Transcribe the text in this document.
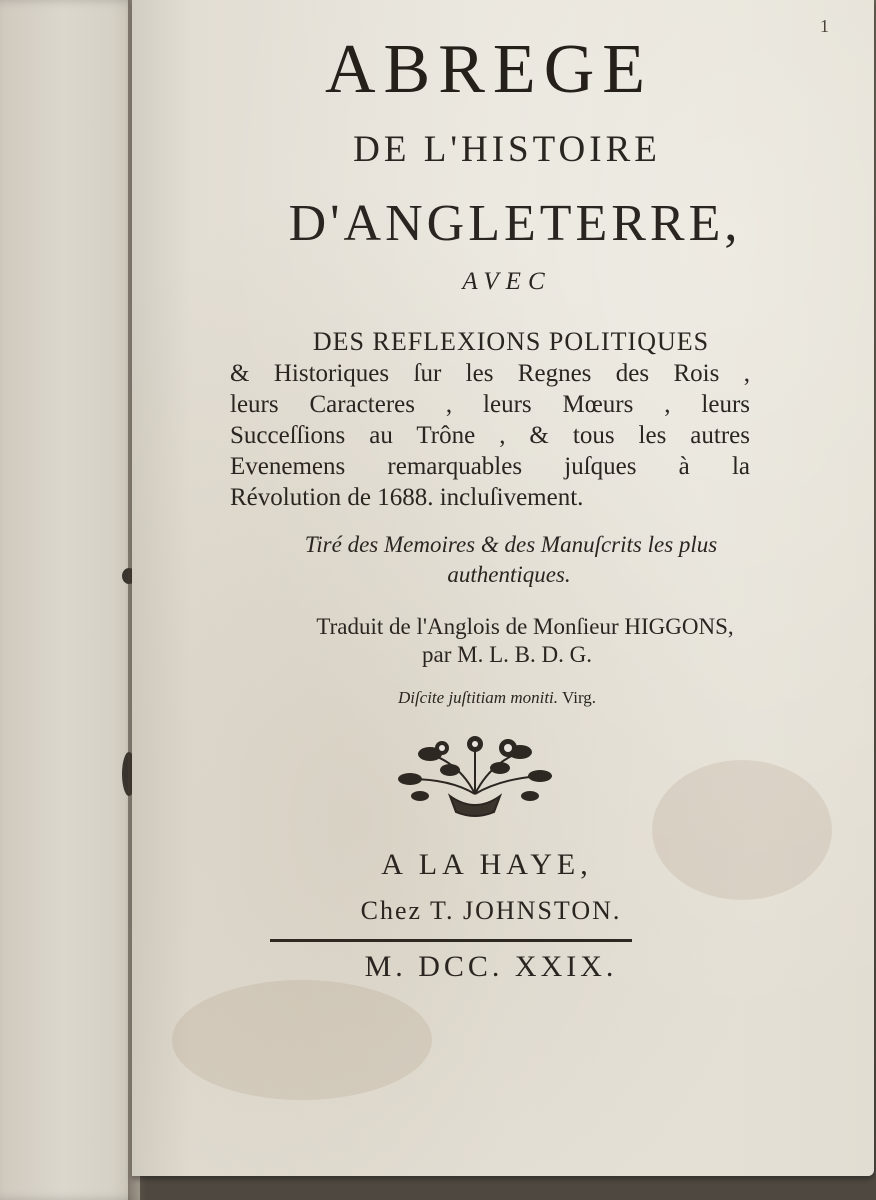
1
ABREGE
DE L'HISTOIRE
D'ANGLETERRE,
AVEC
DES REFLEXIONS POLITIQUES
& Historiques ſur les Regnes des Rois ,
leurs Caracteres , leurs Mœurs , leurs
Succeſſions au Trône , & tous les autres
Evenemens remarquables juſques à la
Révolution de 1688. incluſivement.
Tiré des Memoires & des Manuſcrits les plus
authentiques.
Traduit de l'Anglois de Monſieur HIGGONS,
par M. L. B. D. G.
Diſcite juſtitiam moniti. Virg.
A LA HAYE,
Chez T. JOHNSTON.
M. DCC. XXIX.
